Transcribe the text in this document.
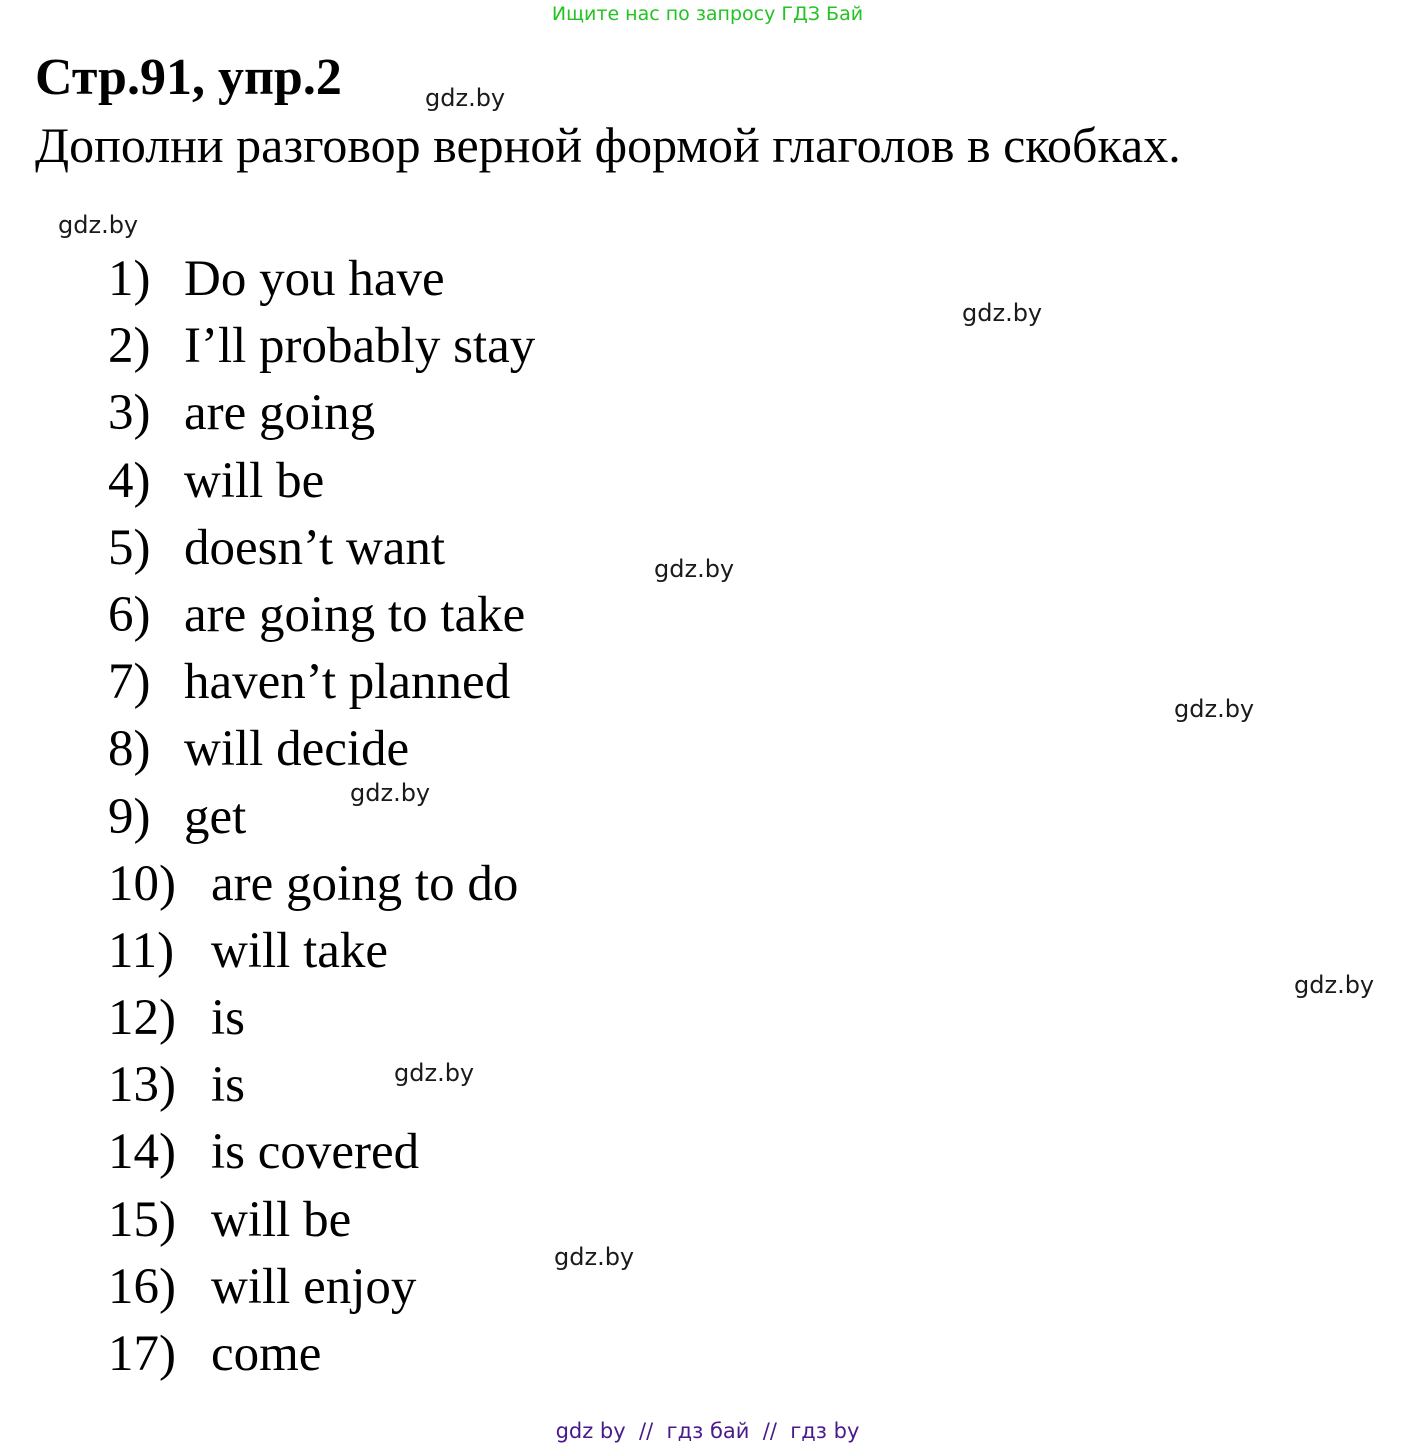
Ищите нас по запросу ГДЗ Бай
Стр.91, упр.2	gdz.by
Дополни разговор верной формой глаголов в скобках.
gdz.by
gdz.by
gdz.by
gdz.by
gdz.by
gdz.by
gdz.by
gdz.by
1) Do you have
2) I’ll probably stay
3) are going
4) will be
5) doesn’t want
6) are going to take
7) haven’t planned
8) will decide
9) get
10) are going to do
11) will take
12) is
13) is
14) is covered
15) will be
16) will enjoy
17) come
gdz by  //  гдз бай  //  гдз by
